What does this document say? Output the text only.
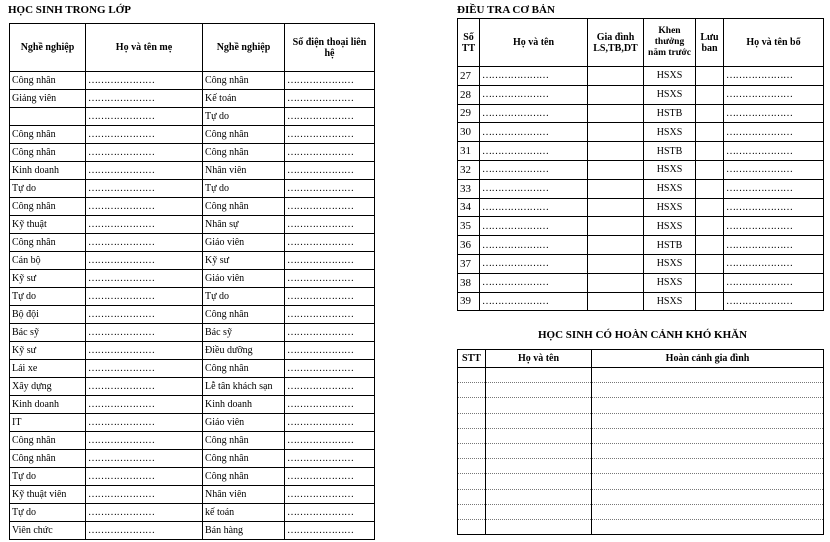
HỌC SINH TRONG LỚP
Nghề nghiệp	Họ và tên mẹ	Nghề nghiệp	Số điện thoại liên hệ
Công nhân	…………………	Công nhân	…………………
Giảng viên	…………………	Kế toán	…………………
	…………………	Tự do	…………………
Công nhân	…………………	Công nhân	…………………
Công nhân	…………………	Công nhân	…………………
Kinh doanh	…………………	Nhân viên	…………………
Tự do	…………………	Tự do	…………………
Công nhân	…………………	Công nhân	…………………
Kỹ thuật	…………………	Nhân sự	…………………
Công nhân	…………………	Giáo viên	…………………
Cán bộ	…………………	Kỹ sư	…………………
Kỹ sư	…………………	Giáo viên	…………………
Tự do	…………………	Tự do	…………………
Bộ đội	…………………	Công nhân	…………………
Bác sỹ	…………………	Bác sỹ	…………………
Kỹ sư	…………………	Điều dưỡng	…………………
Lái xe	…………………	Công nhân	…………………
Xây dựng	…………………	Lễ tân khách sạn	…………………
Kinh doanh	…………………	Kinh doanh	…………………
IT	…………………	Giáo viên	…………………
Công nhân	…………………	Công nhân	…………………
Công nhân	…………………	Công nhân	…………………
Tự do	…………………	Công nhân	…………………
Kỹ thuật viên	…………………	Nhân viên	…………………
Tự do	…………………	kế toán	…………………
Viên chức	…………………	Bán hàng	…………………
ĐIỀU TRA CƠ BẢN
Số TT	Họ và tên	Gia đình LS,TB,DT	Khen thưởng năm trước	Lưu ban	Họ và tên bố
27	…………………		HSXS		…………………
28	…………………		HSXS		…………………
29	…………………		HSTB		…………………
30	…………………		HSXS		…………………
31	…………………		HSTB		…………………
32	…………………		HSXS		…………………
33	…………………		HSXS		…………………
34	…………………		HSXS		…………………
35	…………………		HSXS		…………………
36	…………………		HSTB		…………………
37	…………………		HSXS		…………………
38	…………………		HSXS		…………………
39	…………………		HSXS		…………………
HỌC SINH CÓ HOÀN CẢNH KHÓ KHĂN
STT	Họ và tên	Hoàn cảnh gia đình
